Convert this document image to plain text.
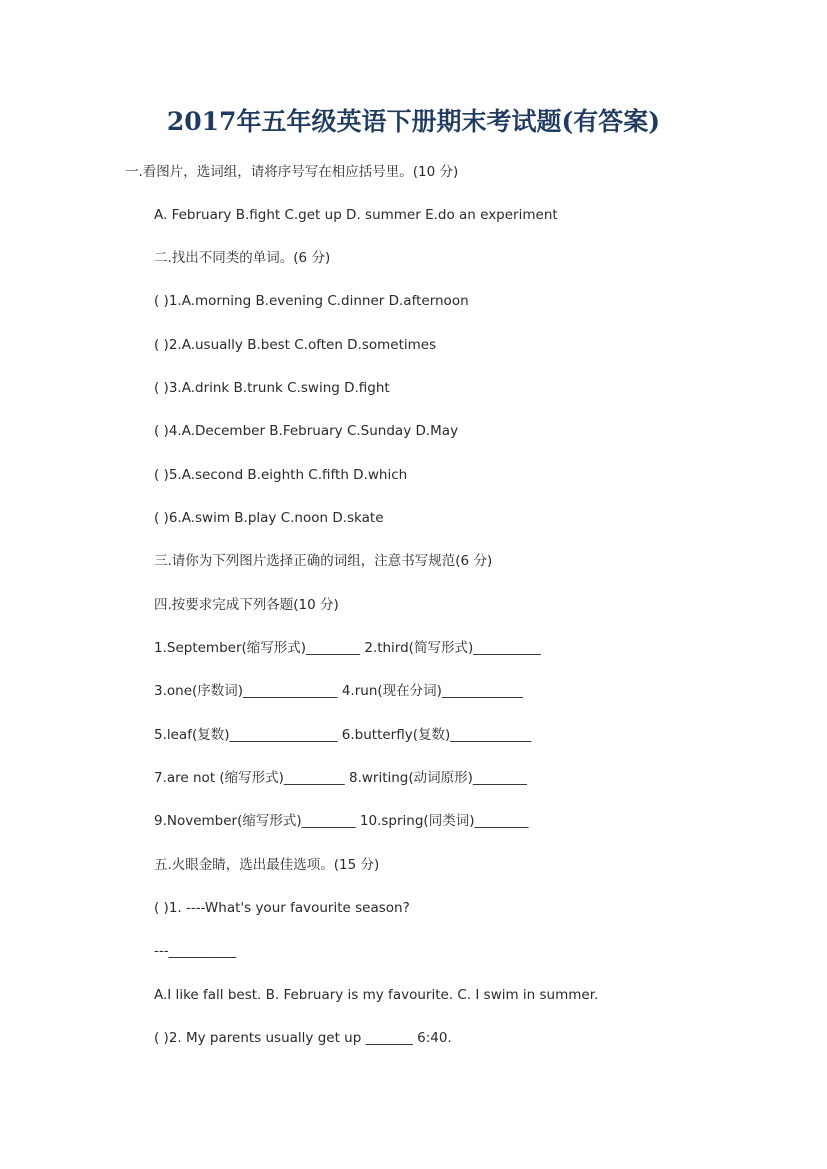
2017年五年级英语下册期末考试题(有答案)
一.看图片，选词组，请将序号写在相应括号里。(10 分)
A. February B.fight C.get up D. summer E.do an experiment
二.找出不同类的单词。(6 分)
( )1.A.morning B.evening C.dinner D.afternoon
( )2.A.usually B.best C.often D.sometimes
( )3.A.drink B.trunk C.swing D.fight
( )4.A.December B.February C.Sunday D.May
( )5.A.second B.eighth C.fifth D.which
( )6.A.swim B.play C.noon D.skate
三.请你为下列图片选择正确的词组，注意书写规范(6 分)
四.按要求完成下列各题(10 分)
1.September(缩写形式)________ 2.third(简写形式)__________
3.one(序数词)______________ 4.run(现在分词)____________
5.leaf(复数)________________ 6.butterfly(复数)____________
7.are not (缩写形式)_________ 8.writing(动词原形)________
9.November(缩写形式)________ 10.spring(同类词)________
五.火眼金睛，选出最佳选项。(15 分)
( )1. ----What's your favourite season?
---__________
A.I like fall best. B. February is my favourite. C. I swim in summer.
( )2. My parents usually get up _______ 6:40.
